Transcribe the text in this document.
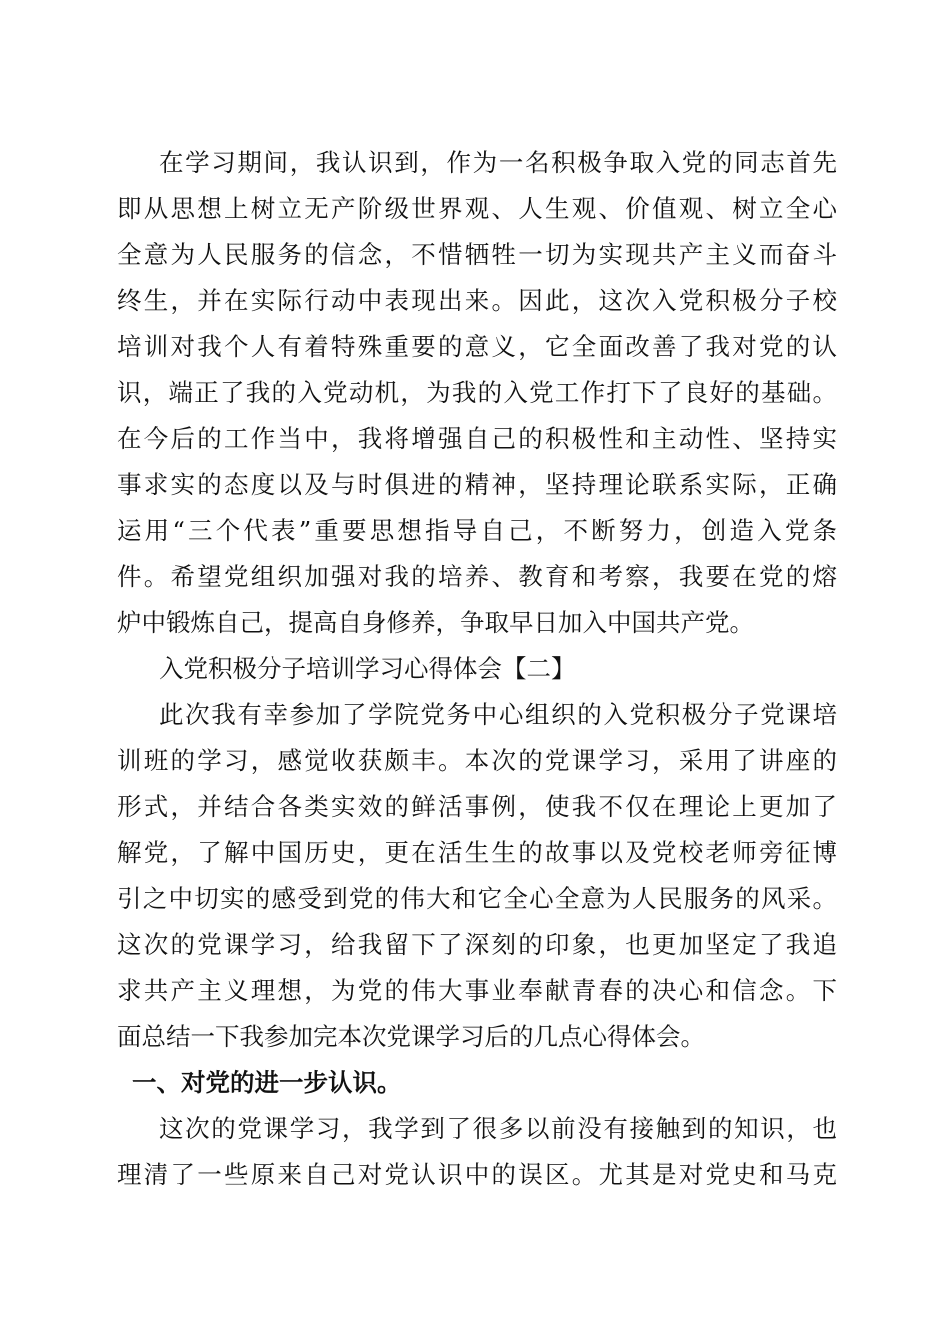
在学习期间，我认识到，作为一名积极争取入党的同志首先
即从思想上树立无产阶级世界观、人生观、价值观、树立全心
全意为人民服务的信念，不惜牺牲一切为实现共产主义而奋斗
终生，并在实际行动中表现出来。因此，这次入党积极分子校
培训对我个人有着特殊重要的意义，它全面改善了我对党的认
识，端正了我的入党动机，为我的入党工作打下了良好的基础。
在今后的工作当中，我将增强自己的积极性和主动性、坚持实
事求实的态度以及与时俱进的精神，坚持理论联系实际，正确
运用“三个代表”重要思想指导自己，不断努力，创造入党条
件。希望党组织加强对我的培养、教育和考察，我要在党的熔
炉中锻炼自己，提高自身修养，争取早日加入中国共产党。
入党积极分子培训学习心得体会【二】
此次我有幸参加了学院党务中心组织的入党积极分子党课培
训班的学习，感觉收获颇丰。本次的党课学习，采用了讲座的
形式，并结合各类实效的鲜活事例，使我不仅在理论上更加了
解党，了解中国历史，更在活生生的故事以及党校老师旁征博
引之中切实的感受到党的伟大和它全心全意为人民服务的风采。
这次的党课学习，给我留下了深刻的印象，也更加坚定了我追
求共产主义理想，为党的伟大事业奉献青春的决心和信念。下
面总结一下我参加完本次党课学习后的几点心得体会。
一、对党的进一步认识。
这次的党课学习，我学到了很多以前没有接触到的知识，也
理清了一些原来自己对党认识中的误区。尤其是对党史和马克
